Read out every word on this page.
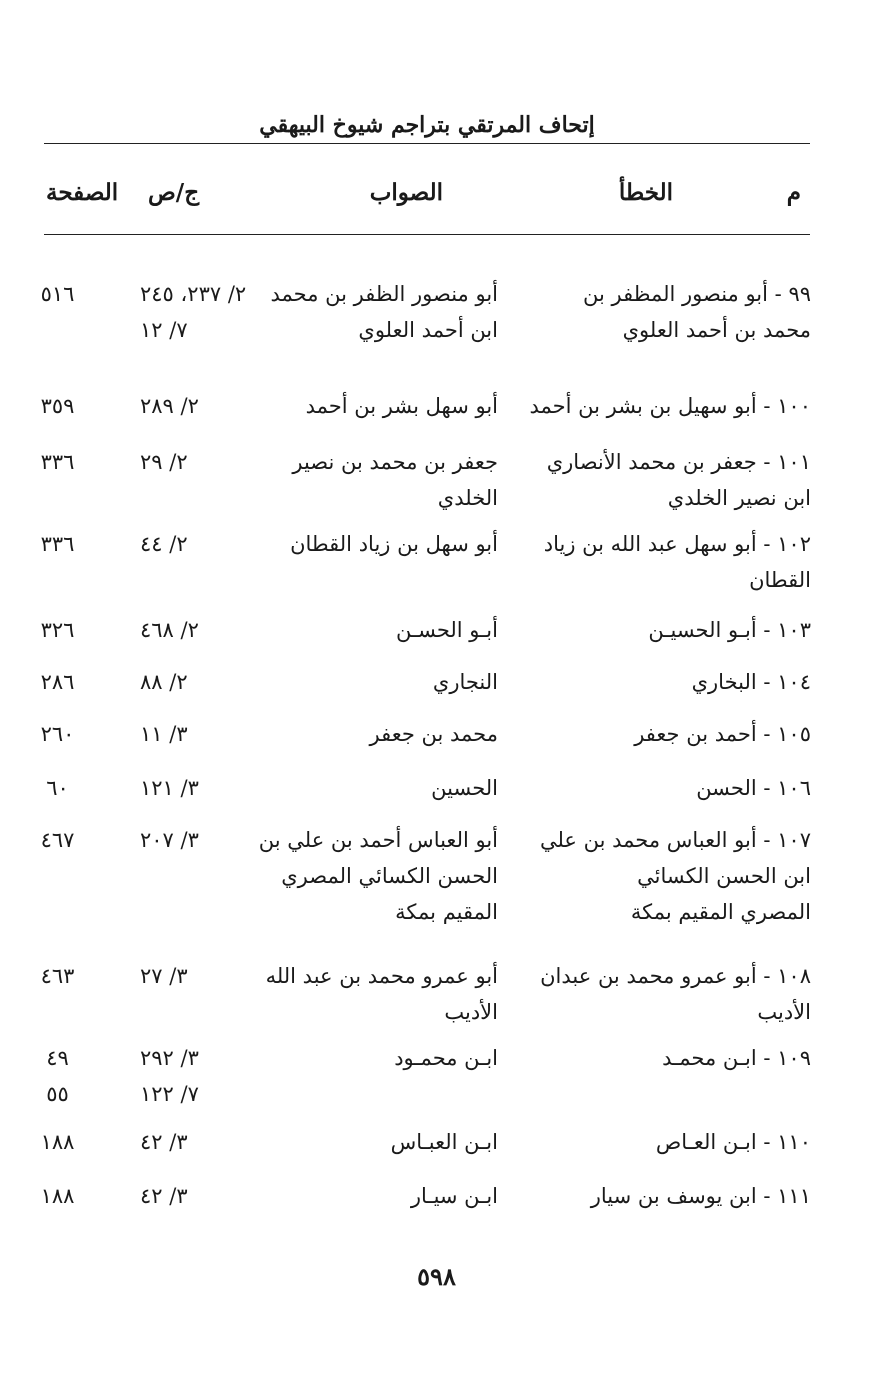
إتحاف المرتقي بتراجم شيوخ البيهقي
م
الخطأ
الصواب
ج/ص
الصفحة
٩٩ - أبو منصور المظفر بن
محمد بن أحمد العلوي
أبو منصور الظفر بن محمد
ابن أحمد العلوي
٢/ ٢٣٧، ٢٤٥
٧/ ١٢
٥١٦
١٠٠ - أبو سهيل بن بشر بن أحمد
أبو سهل بشر بن أحمد
٢/ ٢٨٩
٣٥٩
١٠١ - جعفر بن محمد الأنصاري
ابن نصير الخلدي
جعفر بن محمد بن نصير
الخلدي
٢/ ٢٩
٣٣٦
١٠٢ - أبو سهل عبد الله بن زياد
القطان
أبو سهل بن زياد القطان
٢/ ٤٤
٣٣٦
١٠٣ - أبـو الحسيـن
أبـو الحسـن
٢/ ٤٦٨
٣٢٦
١٠٤ - البخاري
النجاري
٢/ ٨٨
٢٨٦
١٠٥ - أحمد بن جعفر
محمد بن جعفر
٣/ ١١
٢٦٠
١٠٦ - الحسن
الحسين
٣/ ١٢١
٦٠
١٠٧ - أبو العباس محمد بن علي
ابن الحسن الكسائي
المصري المقيم بمكة
أبو العباس أحمد بن علي بن
الحسن الكسائي المصري
المقيم بمكة
٣/ ٢٠٧
٤٦٧
١٠٨ - أبو عمرو محمد بن عبدان
الأديب
أبو عمرو محمد بن عبد الله
الأديب
٣/ ٢٧
٤٦٣
١٠٩ - ابـن محمـد
ابـن محمـود
٣/ ٢٩٢
٧/ ١٢٢
٤٩
٥٥
١١٠ - ابـن العـاص
ابـن العبـاس
٣/ ٤٢
١٨٨
١١١ - ابن يوسف بن سيار
ابـن سيـار
٣/ ٤٢
١٨٨
٥٩٨
